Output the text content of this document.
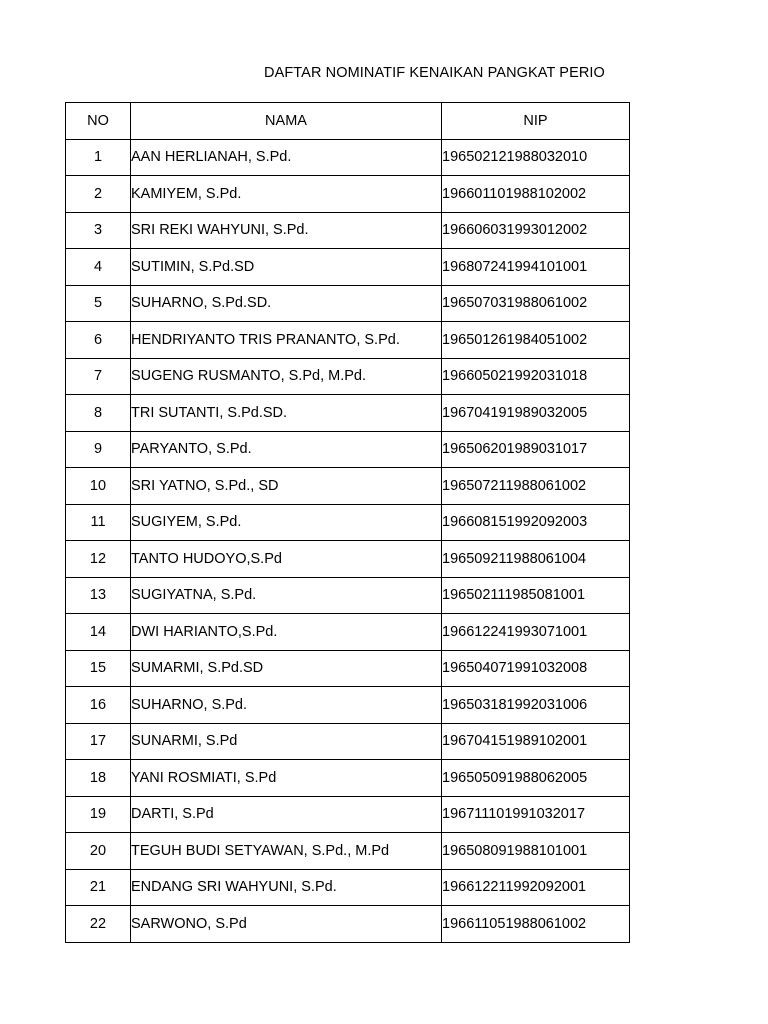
DAFTAR NOMINATIF KENAIKAN PANGKAT PERIO
NO	NAMA	NIP
1	AAN HERLIANAH, S.Pd.	196502121988032010
2	KAMIYEM, S.Pd.	196601101988102002
3	SRI REKI WAHYUNI, S.Pd.	196606031993012002
4	SUTIMIN, S.Pd.SD	196807241994101001
5	SUHARNO, S.Pd.SD.	196507031988061002
6	HENDRIYANTO TRIS PRANANTO, S.Pd.	196501261984051002
7	SUGENG RUSMANTO, S.Pd, M.Pd.	196605021992031018
8	TRI SUTANTI, S.Pd.SD.	196704191989032005
9	PARYANTO, S.Pd.	196506201989031017
10	SRI YATNO, S.Pd., SD	196507211988061002
11	SUGIYEM, S.Pd.	196608151992092003
12	TANTO HUDOYO,S.Pd	196509211988061004
13	SUGIYATNA, S.Pd.	196502111985081001
14	DWI HARIANTO,S.Pd.	196612241993071001
15	SUMARMI, S.Pd.SD	196504071991032008
16	SUHARNO, S.Pd.	196503181992031006
17	SUNARMI, S.Pd	196704151989102001
18	YANI ROSMIATI, S.Pd	196505091988062005
19	DARTI, S.Pd	196711101991032017
20	TEGUH BUDI SETYAWAN, S.Pd., M.Pd	196508091988101001
21	ENDANG SRI WAHYUNI, S.Pd.	196612211992092001
22	SARWONO, S.Pd	196611051988061002
